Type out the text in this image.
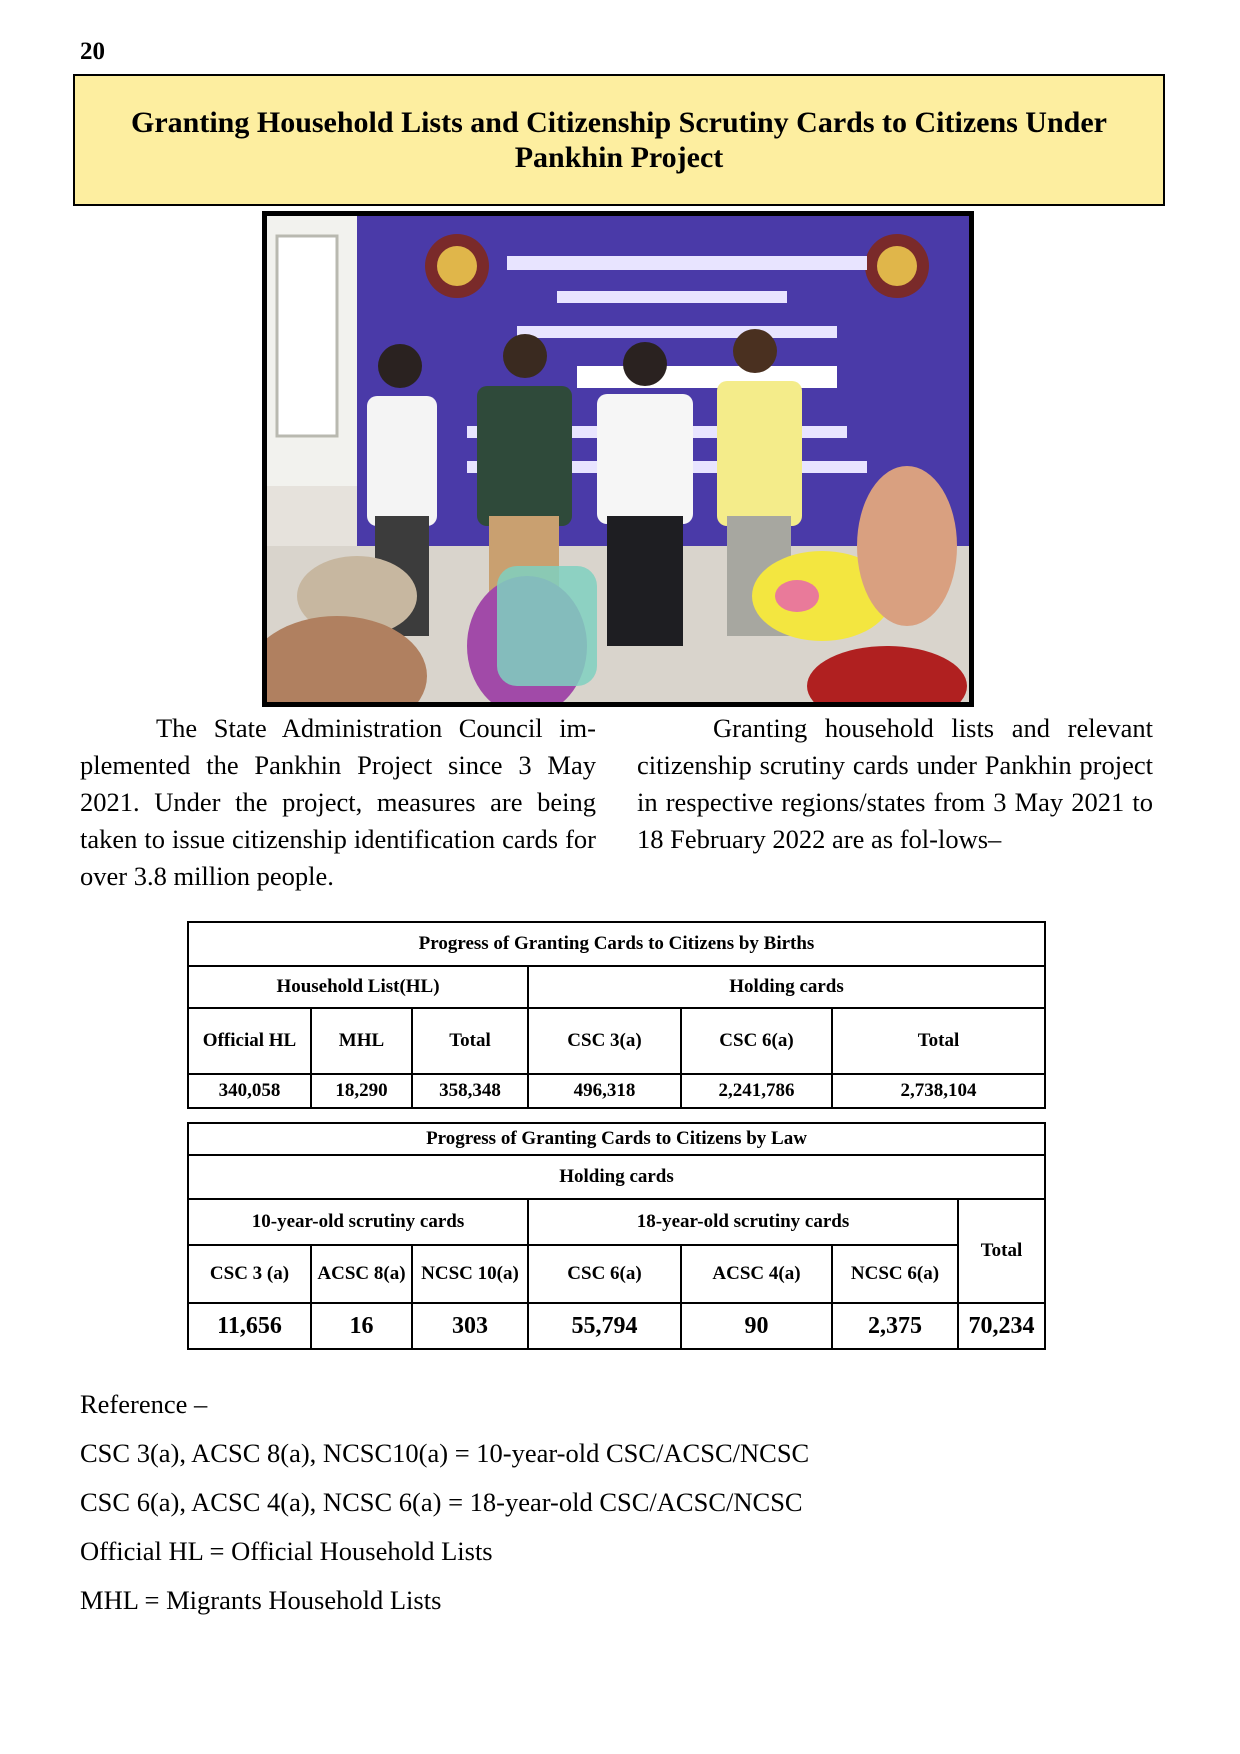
20
Granting Household Lists and Citizenship Scrutiny Cards to Citizens Under Pankhin Project

The State Administration Council im-plemented the Pankhin Project since 3 May 2021. Under the project, measures are being taken to issue citizenship identification cards for over 3.8 million people.

Granting household lists and relevant citizenship scrutiny cards under Pankhin project in respective regions/states from 3 May 2021 to 18 February 2022 are as fol-lows–

Progress of Granting Cards to Citizens by Births					
Household List(HL)			Holding cards		
Official HL	MHL	Total	CSC 3(a)	CSC 6(a)	Total
340,058	18,290	358,348	496,318	2,241,786	2,738,104
Progress of Granting Cards to Citizens by Law						
Holding cards						
10-year-old scrutiny cards			18-year-old scrutiny cards			Total
CSC 3 (a)	ACSC 8(a)	NCSC 10(a)	CSC 6(a)	ACSC 4(a)	NCSC 6(a)	
11,656	16	303	55,794	90	2,375	70,234
Reference –
CSC 3(a), ACSC 8(a), NCSC10(a) = 10-year-old CSC/ACSC/NCSC
CSC 6(a), ACSC 4(a), NCSC 6(a) = 18-year-old CSC/ACSC/NCSC
Official HL = Official Household Lists
MHL = Migrants Household Lists
